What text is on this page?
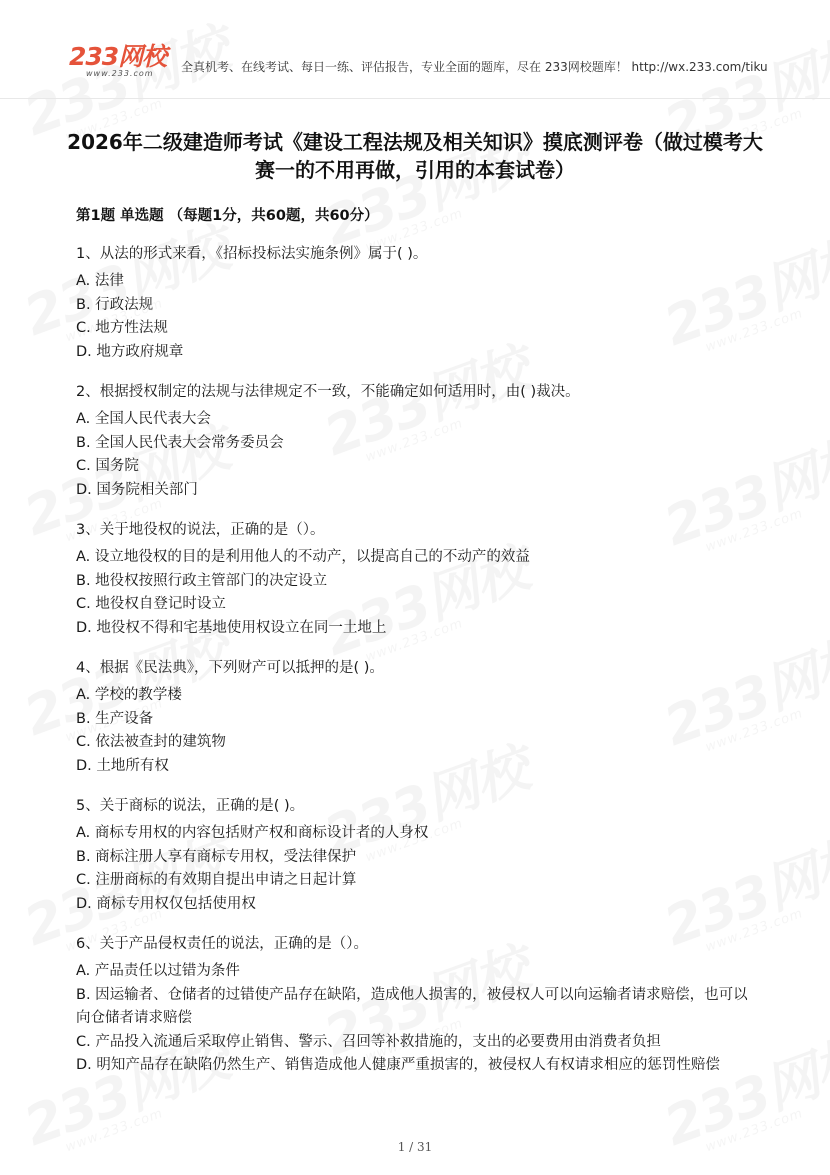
233网校
www.233.com	全真机考、在线考试、每日一练、评估报告，专业全面的题库，尽在 233网校题库！ http://wx.233.com/tiku
2026年二级建造师考试《建设工程法规及相关知识》摸底测评卷（做过模考大赛一的不用再做，引用的本套试卷）
第1题 单选题 （每题1分，共60题，共60分）
1、从法的形式来看，《招标投标法实施条例》属于( )。
A. 法律
B. 行政法规
C. 地方性法规
D. 地方政府规章
2、根据授权制定的法规与法律规定不一致，不能确定如何适用时，由( )裁决。
A. 全国人民代表大会
B. 全国人民代表大会常务委员会
C. 国务院
D. 国务院相关部门
3、关于地役权的说法，正确的是（）。
A. 设立地役权的目的是利用他人的不动产，以提高自己的不动产的效益
B. 地役权按照行政主管部门的决定设立
C. 地役权自登记时设立
D. 地役权不得和宅基地使用权设立在同一土地上
4、根据《民法典》，下列财产可以抵押的是( )。
A. 学校的教学楼
B. 生产设备
C. 依法被查封的建筑物
D. 土地所有权
5、关于商标的说法，正确的是( )。
A. 商标专用权的内容包括财产权和商标设计者的人身权
B. 商标注册人享有商标专用权，受法律保护
C. 注册商标的有效期自提出申请之日起计算
D. 商标专用权仅包括使用权
6、关于产品侵权责任的说法，正确的是（）。
A. 产品责任以过错为条件
B. 因运输者、仓储者的过错使产品存在缺陷，造成他人损害的，被侵权人可以向运输者请求赔偿，也可以向仓储者请求赔偿
C. 产品投入流通后采取停止销售、警示、召回等补救措施的，支出的必要费用由消费者负担
D. 明知产品存在缺陷仍然生产、销售造成他人健康严重损害的，被侵权人有权请求相应的惩罚性赔偿
1 / 31
